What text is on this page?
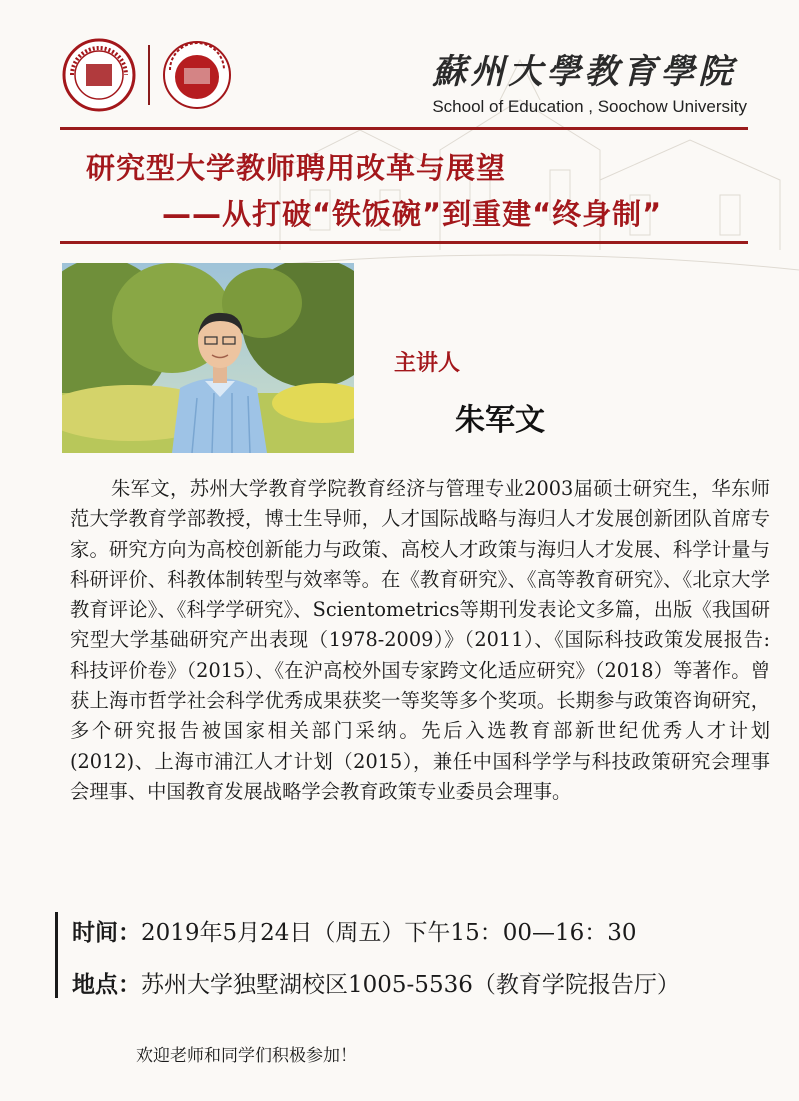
蘇州大學教育學院
School of Education , Soochow University
研究型大学教师聘用改革与展望
——从打破“铁饭碗”到重建“终身制”
主讲人
朱军文
朱军文，苏州大学教育学院教育经济与管理专业2003届硕士研究生，华东师范大学教育学部教授，博士生导师，人才国际战略与海归人才发展创新团队首席专家。研究方向为高校创新能力与政策、高校人才政策与海归人才发展、科学计量与科研评价、科教体制转型与效率等。在《教育研究》、《高等教育研究》、《北京大学教育评论》、《科学学研究》、Scientometrics等期刊发表论文多篇，出版《我国研究型大学基础研究产出表现（1978-2009）》（2011）、《国际科技政策发展报告:科技评价卷》（2015）、《在沪高校外国专家跨文化适应研究》（2018）等著作。曾获上海市哲学社会科学优秀成果获奖一等奖等多个奖项。长期参与政策咨询研究，多个研究报告被国家相关部门采纳。先后入选教育部新世纪优秀人才计划(2012)、上海市浦江人才计划（2015），兼任中国科学学与科技政策研究会理事会理事、中国教育发展战略学会教育政策专业委员会理事。
时间：2019年5月24日（周五）下午15：00—16：30
地点：苏州大学独墅湖校区1005-5536（教育学院报告厅）
欢迎老师和同学们积极参加！
